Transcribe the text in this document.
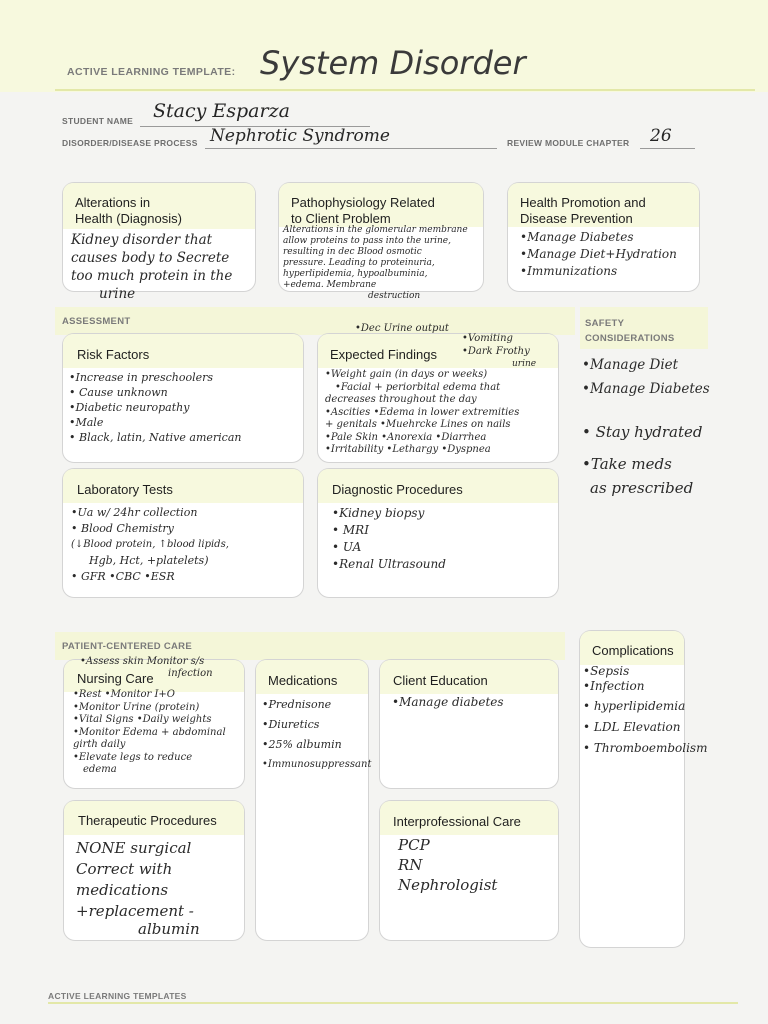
ACTIVE LEARNING TEMPLATE: System Disorder
STUDENT NAME Stacy Esparza
DISORDER/DISEASE PROCESS Nephrotic Syndrome	REVIEW MODULE CHAPTER 26
Alterations in
Health (Diagnosis)
Kidney disorder that
causes body to Secrete
too much protein in the
urine
Pathophysiology Related
to Client Problem
Alterations in the glomerular membrane
allow proteins to pass into the urine,
resulting in dec Blood osmotic
pressure. Leading to proteinuria,
hyperlipidemia, hypoalbuminia,
+edema. Membrane
destruction
Health Promotion and
Disease Prevention
•Manage Diabetes
•Manage Diet+Hydration
•Immunizations
ASSESSMENT	SAFETY
CONSIDERATIONS
•Manage Diet
•Manage Diabetes
• Stay hydrated
•Take meds
as prescribed
Risk Factors
•Increase in preschoolers
• Cause unknown
•Diabetic neuropathy
•Male
• Black, latin, Native american
Expected Findings
•Dec Urine output
•Vomiting
•Dark Frothy
urine
•Weight gain (in days or weeks)
•Facial + periorbital edema that
decreases throughout the day
•Ascities •Edema in lower extremities
+ genitals •Muehrcke Lines on nails
•Pale Skin •Anorexia •Diarrhea
•Irritability •Lethargy •Dyspnea
Laboratory Tests
•Ua w/ 24hr collection
• Blood Chemistry
(↓Blood protein, ↑blood lipids,
Hgb, Hct, +platelets)
• GFR •CBC •ESR
Diagnostic Procedures
•Kidney biopsy
• MRI
• UA
•Renal Ultrasound
PATIENT-CENTERED CARE	Complications
•Sepsis
•Infection
• hyperlipidemia
• LDL Elevation
• Thromboembolism
Nursing Care
•Assess skin Monitor s/s
infection
•Rest •Monitor I+O
•Monitor Urine (protein)
•Vital Signs •Daily weights
•Monitor Edema + abdominal
girth daily
•Elevate legs to reduce
edema
Medications
•Prednisone
•Diuretics
•25% albumin
•Immunosuppressant
Client Education
•Manage diabetes
Therapeutic Procedures
NONE surgical
Correct with
medications
+replacement -
albumin
Interprofessional Care
PCP
RN
Nephrologist
ACTIVE LEARNING TEMPLATES
